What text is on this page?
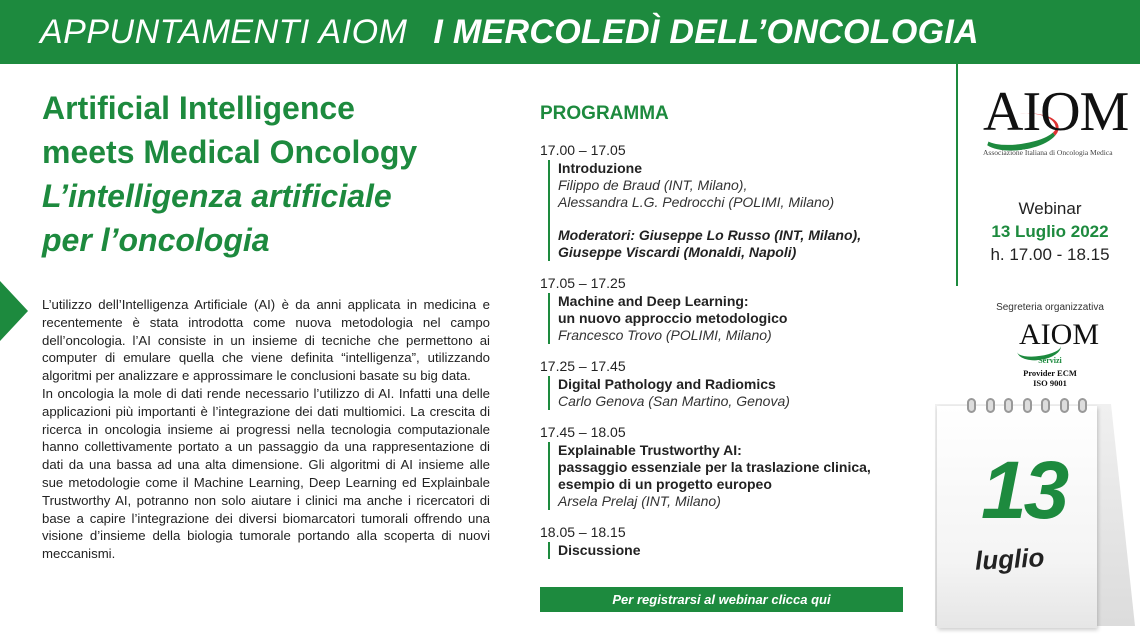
APPUNTAMENTI AIOM I MERCOLEDÌ DELL’ONCOLOGIA
Artificial Intelligence
meets Medical Oncology
L’intelligenza artificiale
per l’oncologia

L’utilizzo dell’Intelligenza Artificiale (AI) è da anni applicata in medicina e recentemente è stata introdotta come nuova metodologia nel campo dell’oncologia. l’AI consiste in un insieme di tecniche che permettono ai computer di emulare quella che viene definita “intelligenza”, utilizzando algoritmi per analizzare e approssimare le conclusioni basate su big data.

In oncologia la mole di dati rende necessario l’utilizzo di AI. Infatti una delle applicazioni più importanti è l’integrazione dei dati multiomici. La crescita di ricerca in oncologia insieme ai progressi nella tecnologia computazionale hanno collettivamente portato a un passaggio da una rappresentazione di dati da una bassa ad una alta dimensione. Gli algoritmi di AI insieme alle sue metodologie come il Machine Learning, Deep Learning ed Explainbale Trustworthy AI, potranno non solo aiutare i clinici ma anche i ricercatori di base a capire l’integrazione dei diversi biomarcatori tumorali offrendo una visione d’insieme della biologia tumorale portando alla scoperta di nuovi meccanismi.

PROGRAMMA
17.00 – 17.05
Introduzione
Filippo de Braud (INT, Milano),
Alessandra L.G. Pedrocchi (POLIMI, Milano)
Moderatori: Giuseppe Lo Russo (INT, Milano),
Giuseppe Viscardi (Monaldi, Napoli)
17.05 – 17.25
Machine and Deep Learning:
un nuovo approccio metodologico
Francesco Trovo (POLIMI, Milano)
17.25 – 17.45
Digital Pathology and Radiomics
Carlo Genova (San Martino, Genova)
17.45 – 18.05
Explainable Trustworthy AI:
passaggio essenziale per la traslazione clinica,
esempio di un progetto europeo
Arsela Prelaj (INT, Milano)
18.05 – 18.15
Discussione
Per registrarsi al webinar clicca qui
AIOM
Associazione Italiana di Oncologia Medica
Webinar
13 Luglio 2022
h. 17.00 - 18.15
Segreteria organizzativa
AIOM
Servizi
Provider ECM
ISO 9001
13
luglio
